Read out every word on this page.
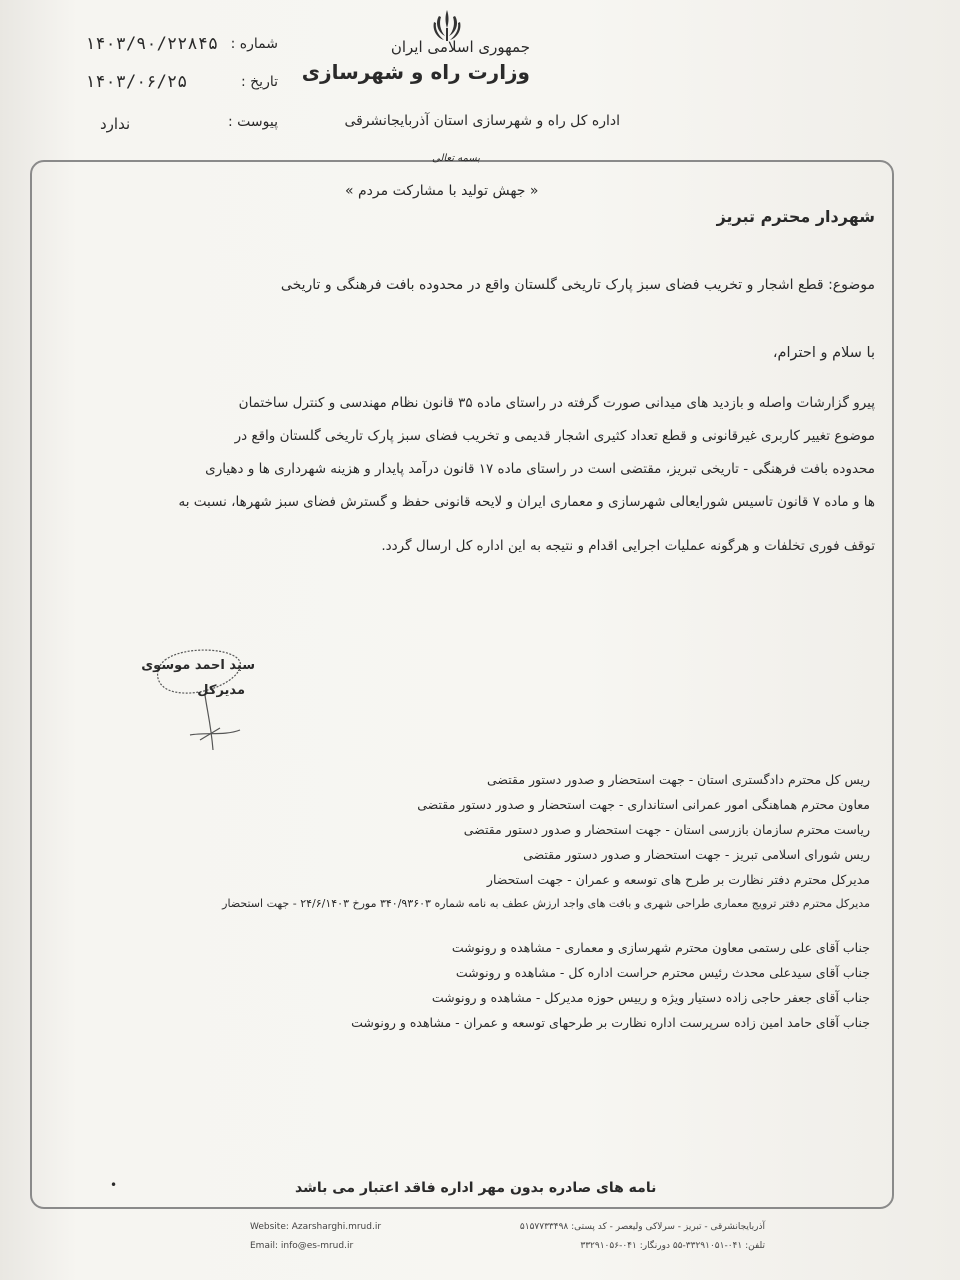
جمهوری اسلامی ایران
وزارت راه و شهرسازی
اداره کل راه و شهرسازی استان آذربایجانشرقی
شماره :
۱۴۰۳/۹۰/۲۲۸۴۵
تاریخ :
۱۴۰۳/۰۶/۲۵
پیوست :
ندارد
بسمه تعالی
« جهش تولید با مشارکت مردم »
شهردار محترم تبریز
موضوع: قطع اشجار و تخریب فضای سبز پارک تاریخی گلستان واقع در محدوده بافت فرهنگی و تاریخی
با سلام و احترام،
پیرو گزارشات واصله و بازدید های میدانی صورت گرفته در راستای ماده ۳۵ قانون نظام مهندسی و کنترل ساختمان
موضوع تغییر کاربری غیرقانونی و قطع تعداد کثیری اشجار قدیمی و تخریب فضای سبز پارک تاریخی گلستان واقع در
محدوده بافت فرهنگی - تاریخی تبریز، مقتضی است در راستای ماده ۱۷ قانون درآمد پایدار و هزینه شهرداری ها و دهیاری
ها و ماده ۷ قانون تاسیس شورایعالی شهرسازی و معماری ایران و لایحه قانونی حفظ و گسترش فضای سبز شهرها، نسبت به
توقف فوری تخلفات و هرگونه عملیات اجرایی اقدام و نتیجه به این اداره کل ارسال گردد.
سید احمد موسوی
مدیرکل
ریس کل محترم دادگستری استان - جهت استحضار و صدور دستور مقتضی
معاون محترم هماهنگی امور عمرانی استانداری - جهت استحضار و صدور دستور مقتضی
ریاست محترم سازمان بازرسی استان - جهت استحضار و صدور دستور مقتضی
ریس شورای اسلامی تبریز - جهت استحضار و صدور دستور مقتضی
مدیرکل محترم دفتر نظارت بر طرح های توسعه و عمران - جهت استحضار
مدیرکل محترم دفتر ترویج معماری طراحی شهری و بافت های واجد ارزش عطف به نامه شماره ۳۴۰/۹۳۶۰۳ مورخ ۲۴/۶/۱۴۰۳ - جهت استحضار
جناب آقای علی رستمی معاون محترم شهرسازی و معماری - مشاهده و رونوشت
جناب آقای سیدعلی محدث رئیس محترم حراست اداره کل - مشاهده و رونوشت
جناب آقای جعفر حاجی زاده دستیار ویژه و رییس حوزه مدیرکل - مشاهده و رونوشت
جناب آقای حامد امین زاده سرپرست اداره نظارت بر طرحهای توسعه و عمران - مشاهده و رونوشت
•	نامه های صادره بدون مهر اداره فاقد اعتبار می باشد
آذربایجانشرقی - تبریز - سرلاکی ولیعصر - کد پستی: ۵۱۵۷۷۳۳۴۹۸
تلفن: ۰۴۱-۳۳۲۹۱۰۵۱-۵۵ دورنگار: ۰۴۱-۳۳۲۹۱۰۵۶
Website: Azarsharghi.mrud.ir
Email: info@es-mrud.ir
